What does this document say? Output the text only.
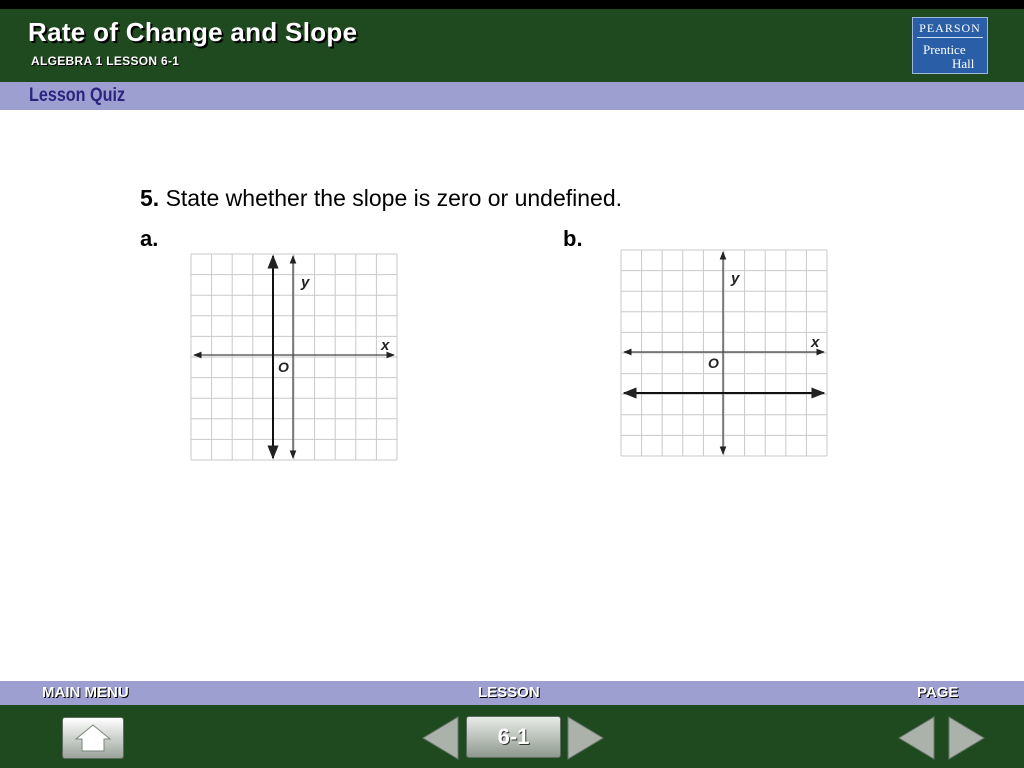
Rate of Change and Slope
ALGEBRA 1 LESSON 6-1
PEARSON
Prentice
Hall
Lesson Quiz
5. State whether the slope is zero or undefined.
a.	b.
y
x
O
y
x
O
MAIN MENU	LESSON	PAGE
6-1
